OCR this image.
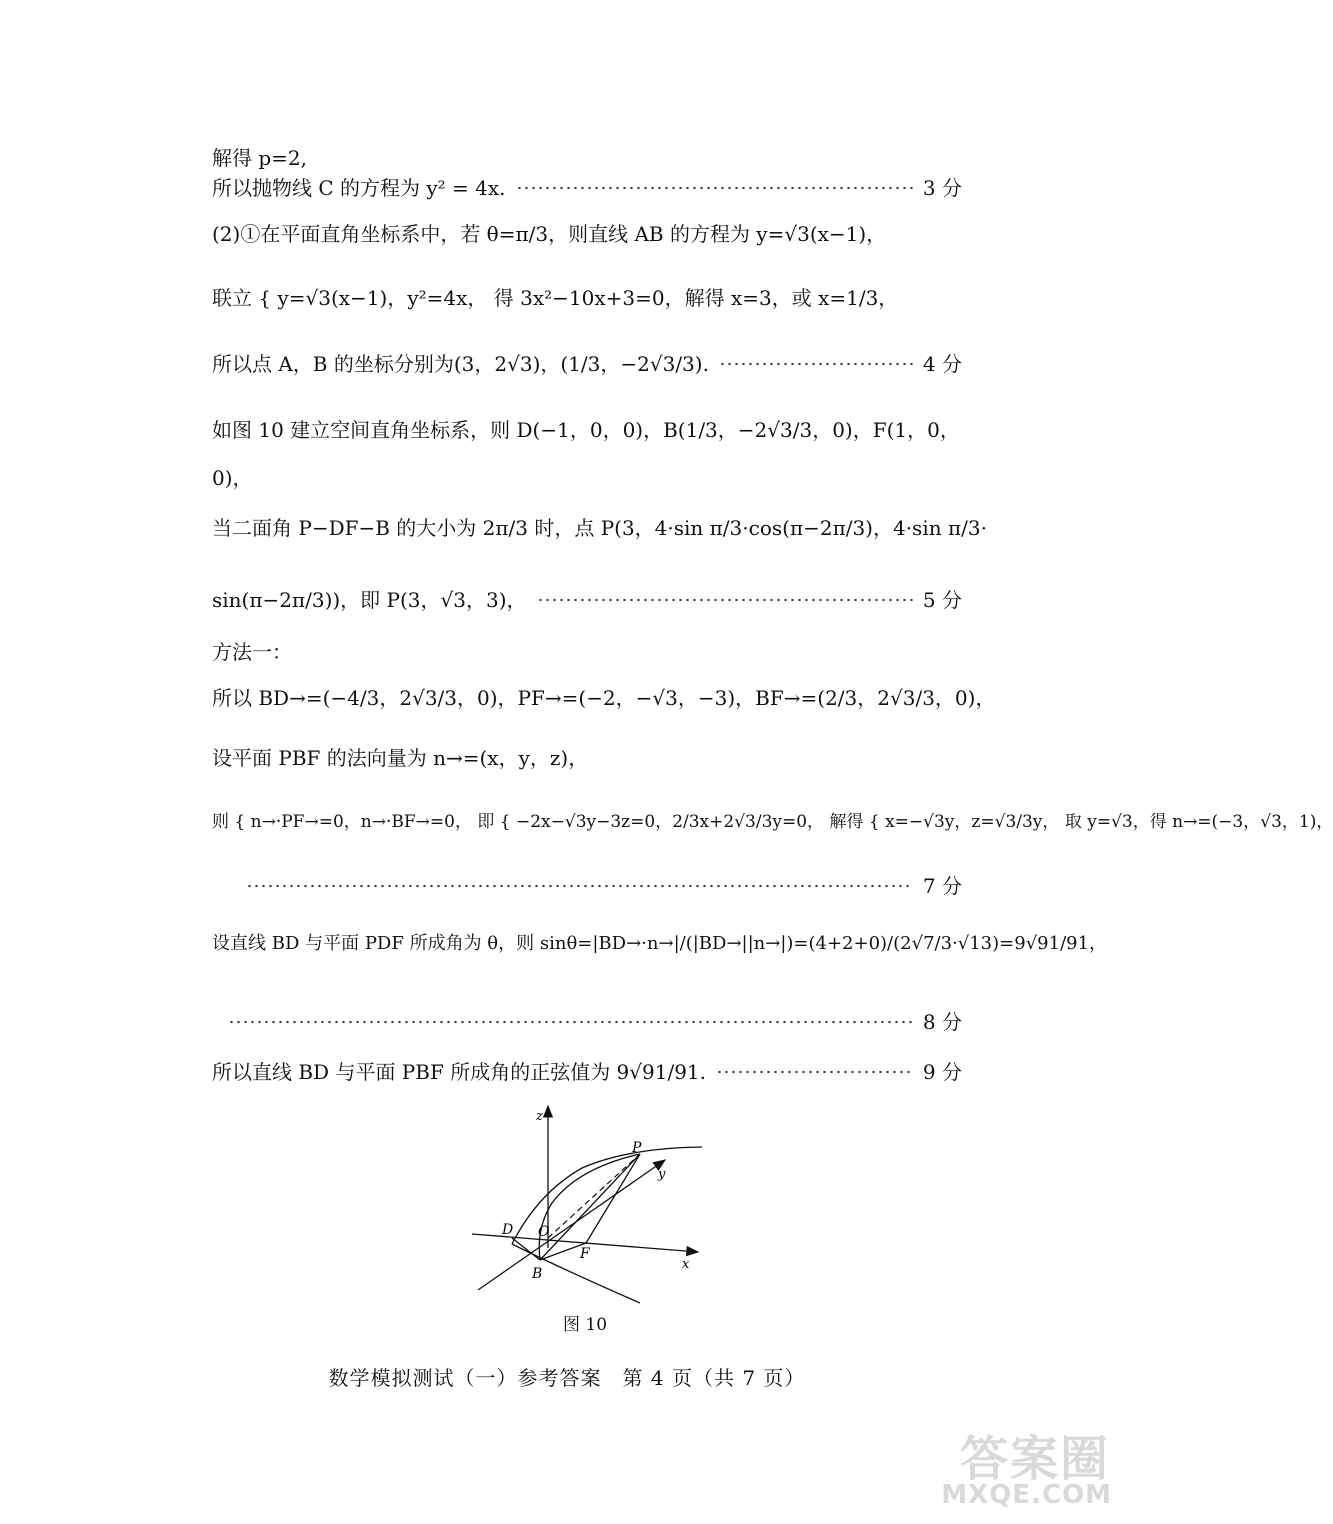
解得 p=2,
所以抛物线 C 的方程为 y² = 4x.	3 分
(2)①在平面直角坐标系中，若 θ=π/3，则直线 AB 的方程为 y=√3(x−1)，
联立 { y=√3(x−1)，y²=4x， 得 3x²−10x+3=0，解得 x=3，或 x=1/3，
所以点 A，B 的坐标分别为(3，2√3)，(1/3，−2√3/3).	4 分
如图 10 建立空间直角坐标系，则 D(−1，0，0)，B(1/3，−2√3/3，0)，F(1，0，
0)，
当二面角 P−DF−B 的大小为 2π/3 时，点 P(3，4·sin π/3·cos(π−2π/3)，4·sin π/3·
sin(π−2π/3))，即 P(3，√3，3)，	5 分
方法一：
所以 BD→=(−4/3，2√3/3，0)，PF→=(−2，−√3，−3)，BF→=(2/3，2√3/3，0)，
设平面 PBF 的法向量为 n→=(x，y，z)，
则 { n→·PF→=0，n→·BF→=0， 即 { −2x−√3y−3z=0，2/3x+2√3/3y=0， 解得 { x=−√3y，z=√3/3y， 取 y=√3，得 n→=(−3，√3，1)，
7 分
设直线 BD 与平面 PDF 所成角为 θ，则 sinθ=|BD→·n→|/(|BD→||n→|)=(4+2+0)/(2√7/3·√13)=9√91/91，
8 分
所以直线 BD 与平面 PBF 所成角的正弦值为 9√91/91.	9 分
z
y
x
P
D O
F
B
图 10
数学模拟测试（一）参考答案　第 4 页（共 7 页）
答案圈
MXQE.COM
